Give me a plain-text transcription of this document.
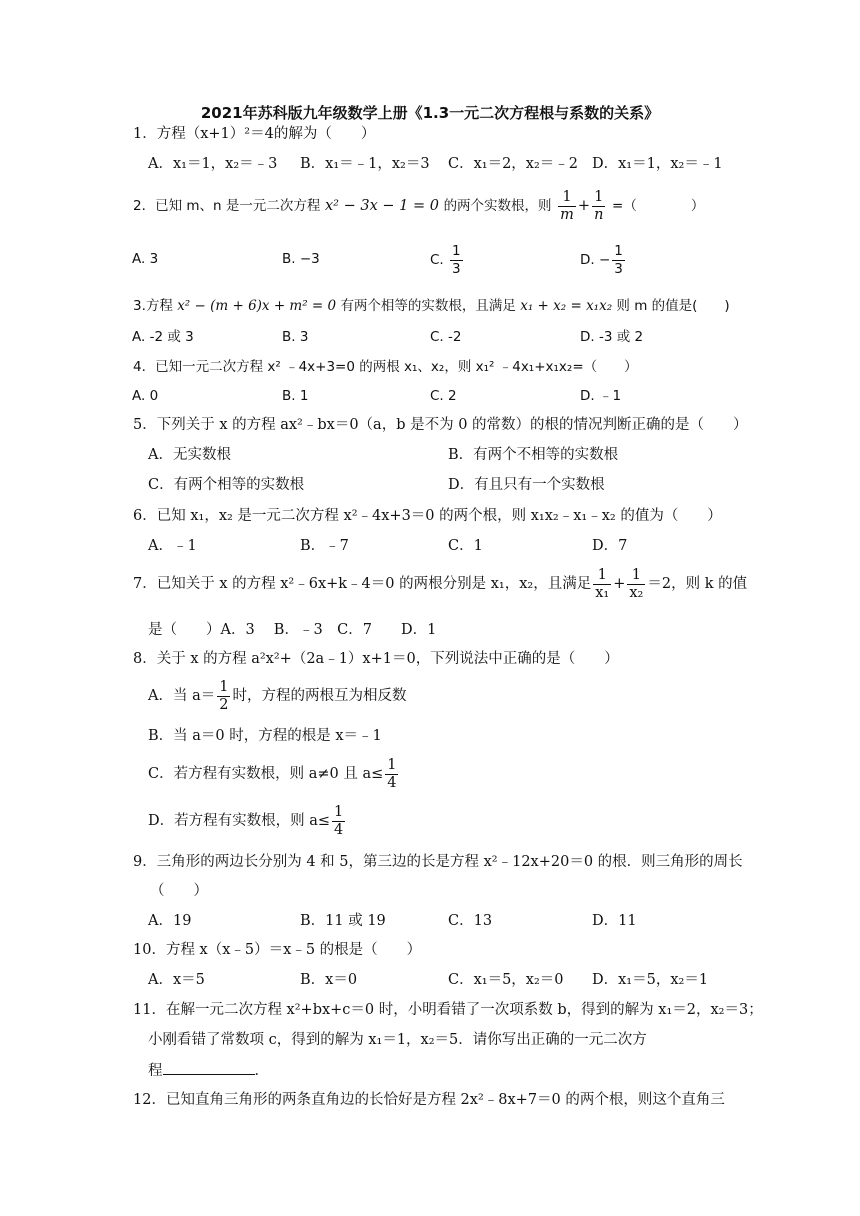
2021年苏科版九年级数学上册《1.3一元二次方程根与系数的关系》
1．方程（x+1）²＝4的解为（　　）
A．x₁＝1，x₂＝﹣3 B．x₁＝﹣1，x₂＝3 C．x₁＝2，x₂＝﹣2 D．x₁＝1，x₂＝﹣1
2．已知 m、n 是一元二次方程 x² − 3x − 1 = 0 的两个实数根，则 $\frac{1}{m} + \frac{1}{n}$ =（　　　　）
A. 3	B. −3	C. $\frac{1}{3}$	D. − $\frac{1}{3}$
3.方程 x² − (m + 6)x + m² = 0 有两个相等的实数根，且满足 x₁ + x₂ = x₁x₂ 则 m 的值是(　　)
A. -2 或 3	B. 3	C. -2	D. -3 或 2
4．已知一元二次方程 x² ﹣4x+3=0 的两根 x₁、x₂，则 x₁² ﹣4x₁+x₁x₂=（　　）
A. 0	B. 1	C. 2	D. ﹣1
5．下列关于 x 的方程 ax²﹣bx＝0（a，b 是不为 0 的常数）的根的情况判断正确的是（　　）
A．无实数根	B．有两个不相等的实数根
C．有两个相等的实数根	D．有且只有一个实数根
6．已知 x₁，x₂ 是一元二次方程 x²﹣4x+3＝0 的两个根，则 x₁x₂﹣x₁﹣x₂ 的值为（　　）
A．﹣1	B．﹣7	C．1	D．7
7．已知关于 x 的方程 x²﹣6x+k﹣4＝0 的两根分别是 x₁，x₂，且满足 $\frac{1}{\text{x₁}} + \frac{1}{\text{x₂}} =2$，则 k 的值
是（　　）A．3　 B．﹣3　C．7　　D．1
8．关于 x 的方程 a²x²+（2a﹣1）x+1＝0，下列说法中正确的是（　　）
A．当 $a= \frac{1}{2}$ 时，方程的两根互为相反数
B．当 a＝0 时，方程的根是 x＝﹣1
C．若方程有实数根，则 a≠0 且 $a\le \frac{1}{4}$
D．若方程有实数根，则 $a\le \frac{1}{4}$
9．三角形的两边长分别为 4 和 5，第三边的长是方程 x²﹣12x+20＝0 的根．则三角形的周长
（　　）
A．19	B．11 或 19	C．13	D．11
10．方程 x（x﹣5）＝x﹣5 的根是（　　）
A．x＝5	B．x＝0	C．x₁＝5，x₂＝0 D．x₁＝5，x₂＝1
11．在解一元二次方程 x²+bx+c＝0 时，小明看错了一次项系数 b，得到的解为 x₁＝2，x₂＝3；
小刚看错了常数项 c，得到的解为 x₁＝1，x₂＝5．请你写出正确的一元二次方
程	．
12．已知直角三角形的两条直角边的长恰好是方程 2x²﹣8x+7＝0 的两个根，则这个直角三
